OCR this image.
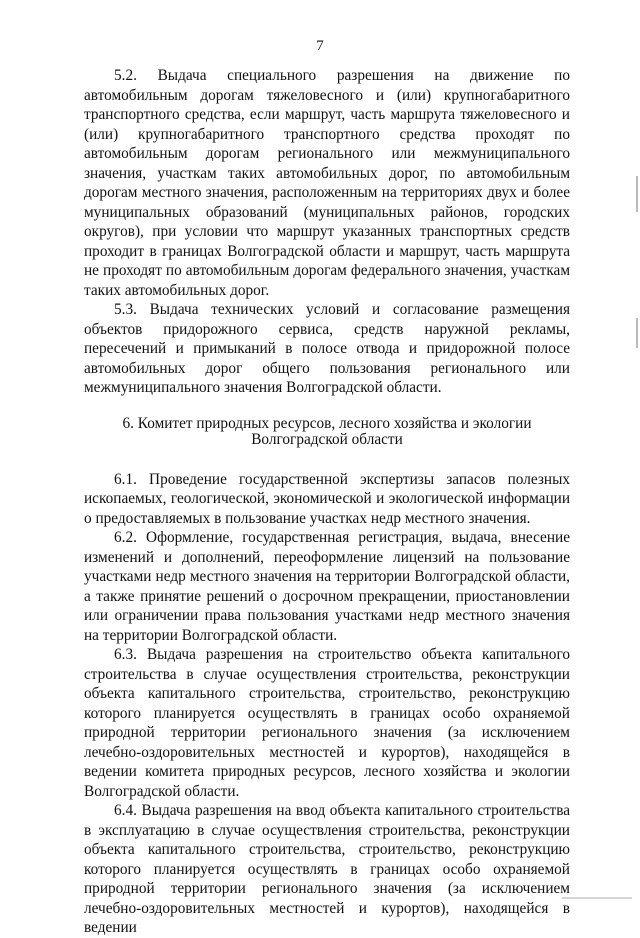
7

5.2. Выдача специального разрешения на движение по автомобильным дорогам тяжеловесного и (или) крупногабаритного транспортного средства, если маршрут, часть маршрута тяжеловесного и (или) крупногабаритного транспортного средства проходят по автомобильным дорогам регионального или межмуниципального значения, участкам таких автомобильных дорог, по автомобильным дорогам местного значения, расположенным на территориях двух и более муниципальных образований (муниципальных районов, городских округов), при условии что маршрут указанных транспортных средств проходит в границах Волгоградской области и маршрут, часть маршрута не проходят по автомобильным дорогам федерального значения, участкам таких автомобильных дорог.

5.3. Выдача технических условий и согласование размещения объектов придорожного сервиса, средств наружной рекламы, пересечений и примыканий в полосе отвода и придорожной полосе автомобильных дорог общего пользования регионального или межмуниципального значения Волгоградской области.

6. Комитет природных ресурсов, лесного хозяйства и экологии
Волгоградской области

6.1. Проведение государственной экспертизы запасов полезных ископаемых, геологической, экономической и экологической информации о предоставляемых в пользование участках недр местного значения.

6.2. Оформление, государственная регистрация, выдача, внесение изменений и дополнений, переоформление лицензий на пользование участками недр местного значения на территории Волгоградской области, а также принятие решений о досрочном прекращении, приостановлении или ограничении права пользования участками недр местного значения на территории Волгоградской области.

6.3. Выдача разрешения на строительство объекта капитального строительства в случае осуществления строительства, реконструкции объекта капитального строительства, строительство, реконструкцию которого планируется осуществлять в границах особо охраняемой природной территории регионального значения (за исключением лечебно-оздоровительных местностей и курортов), находящейся в ведении комитета природных ресурсов, лесного хозяйства и экологии Волгоградской области.

6.4. Выдача разрешения на ввод объекта капитального строительства в эксплуатацию в случае осуществления строительства, реконструкции объекта капитального строительства, строительство, реконструкцию которого планируется осуществлять в границах особо охраняемой природной территории регионального значения (за исключением лечебно-оздоровительных местностей и курортов), находящейся в ведении
